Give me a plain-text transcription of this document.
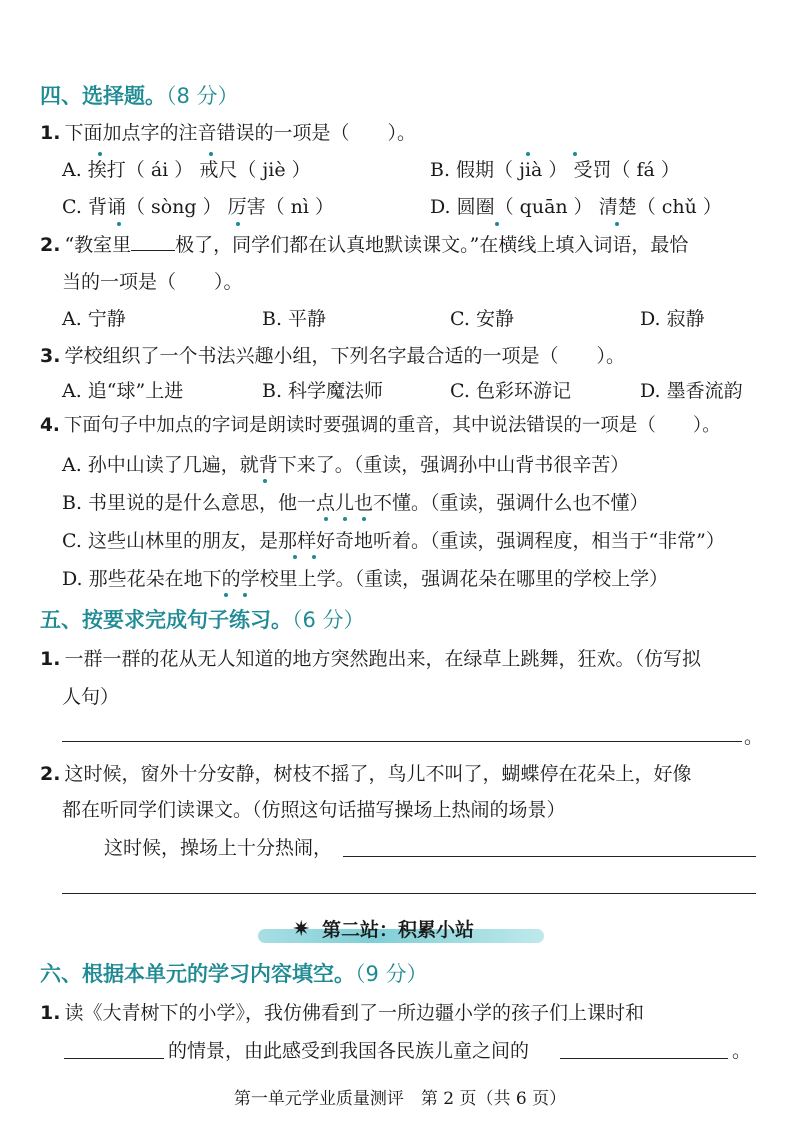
四、选择题。（8 分）
1. 下面加点字的注音错误的一项是（　　）。
A. 挨打（ ái ） 戒尺（ jiè ）	B. 假期（ jià ） 受罚（ fá ）
C. 背诵（ sòng ） 厉害（ nì ）	D. 圆圈（ quān ） 清楚（ chǔ ）
2. “教室里 极了，同学们都在认真地默读课文。”在横线上填入词语，最恰
当的一项是（　　）。
A. 宁静	B. 平静	C. 安静	D. 寂静
3. 学校组织了一个书法兴趣小组，下列名字最合适的一项是（　　）。
A. 追“球”上进	B. 科学魔法师	C. 色彩环游记	D. 墨香流韵
4. 下面句子中加点的字词是朗读时要强调的重音，其中说法错误的一项是（　　）。
A. 孙中山读了几遍，就背下来了。（重读，强调孙中山背书很辛苦）
B. 书里说的是什么意思，他一点儿也不懂。（重读，强调什么也不懂）
C. 这些山林里的朋友，是那样好奇地听着。（重读，强调程度，相当于“非常”）
D. 那些花朵在地下的学校里上学。（重读，强调花朵在哪里的学校上学）
五、按要求完成句子练习。（6 分）
1. 一群一群的花从无人知道的地方突然跑出来，在绿草上跳舞，狂欢。（仿写拟
人句）
。
2. 这时候，窗外十分安静，树枝不摇了，鸟儿不叫了，蝴蝶停在花朵上，好像
都在听同学们读课文。（仿照这句话描写操场上热闹的场景）
这时候，操场上十分热闹，
✷ 第二站：积累小站
六、根据本单元的学习内容填空。（9 分）
1. 读《大青树下的小学》，我仿佛看到了一所边疆小学的孩子们上课时和
的情景，由此感受到我国各民族儿童之间的	。
第一单元学业质量测评　第 2 页（共 6 页）
